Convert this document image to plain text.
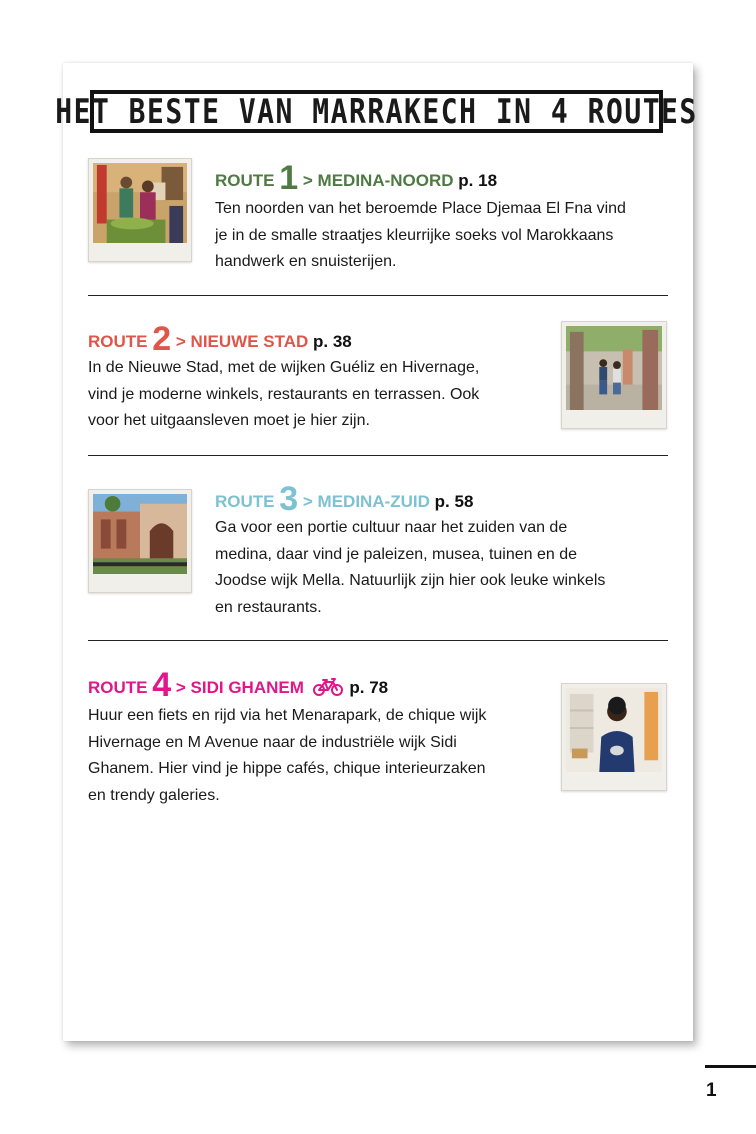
HET BESTE VAN MARRAKECH IN 4 ROUTES
ROUTE 1 > MEDINA-NOORD p. 18

Ten noorden van het beroemde Place Djemaa El Fna vind
je in de smalle straatjes kleurrijke soeks vol Marokkaans
handwerk en snuisterijen.

ROUTE 2 > NIEUWE STAD p. 38

In de Nieuwe Stad, met de wijken Guéliz en Hivernage,
vind je moderne winkels, restaurants en terrassen. Ook
voor het uitgaansleven moet je hier zijn.

ROUTE 3 > MEDINA-ZUID p. 58

Ga voor een portie cultuur naar het zuiden van de
medina, daar vind je paleizen, musea, tuinen en de
Joodse wijk Mella. Natuurlijk zijn hier ook leuke winkels
en restaurants.

ROUTE 4 > SIDI GHANEM	p. 78

Huur een fiets en rijd via het Menarapark, de chique wijk
Hivernage en M Avenue naar de industriële wijk Sidi
Ghanem. Hier vind je hippe cafés, chique interieurzaken
en trendy galeries.

1
